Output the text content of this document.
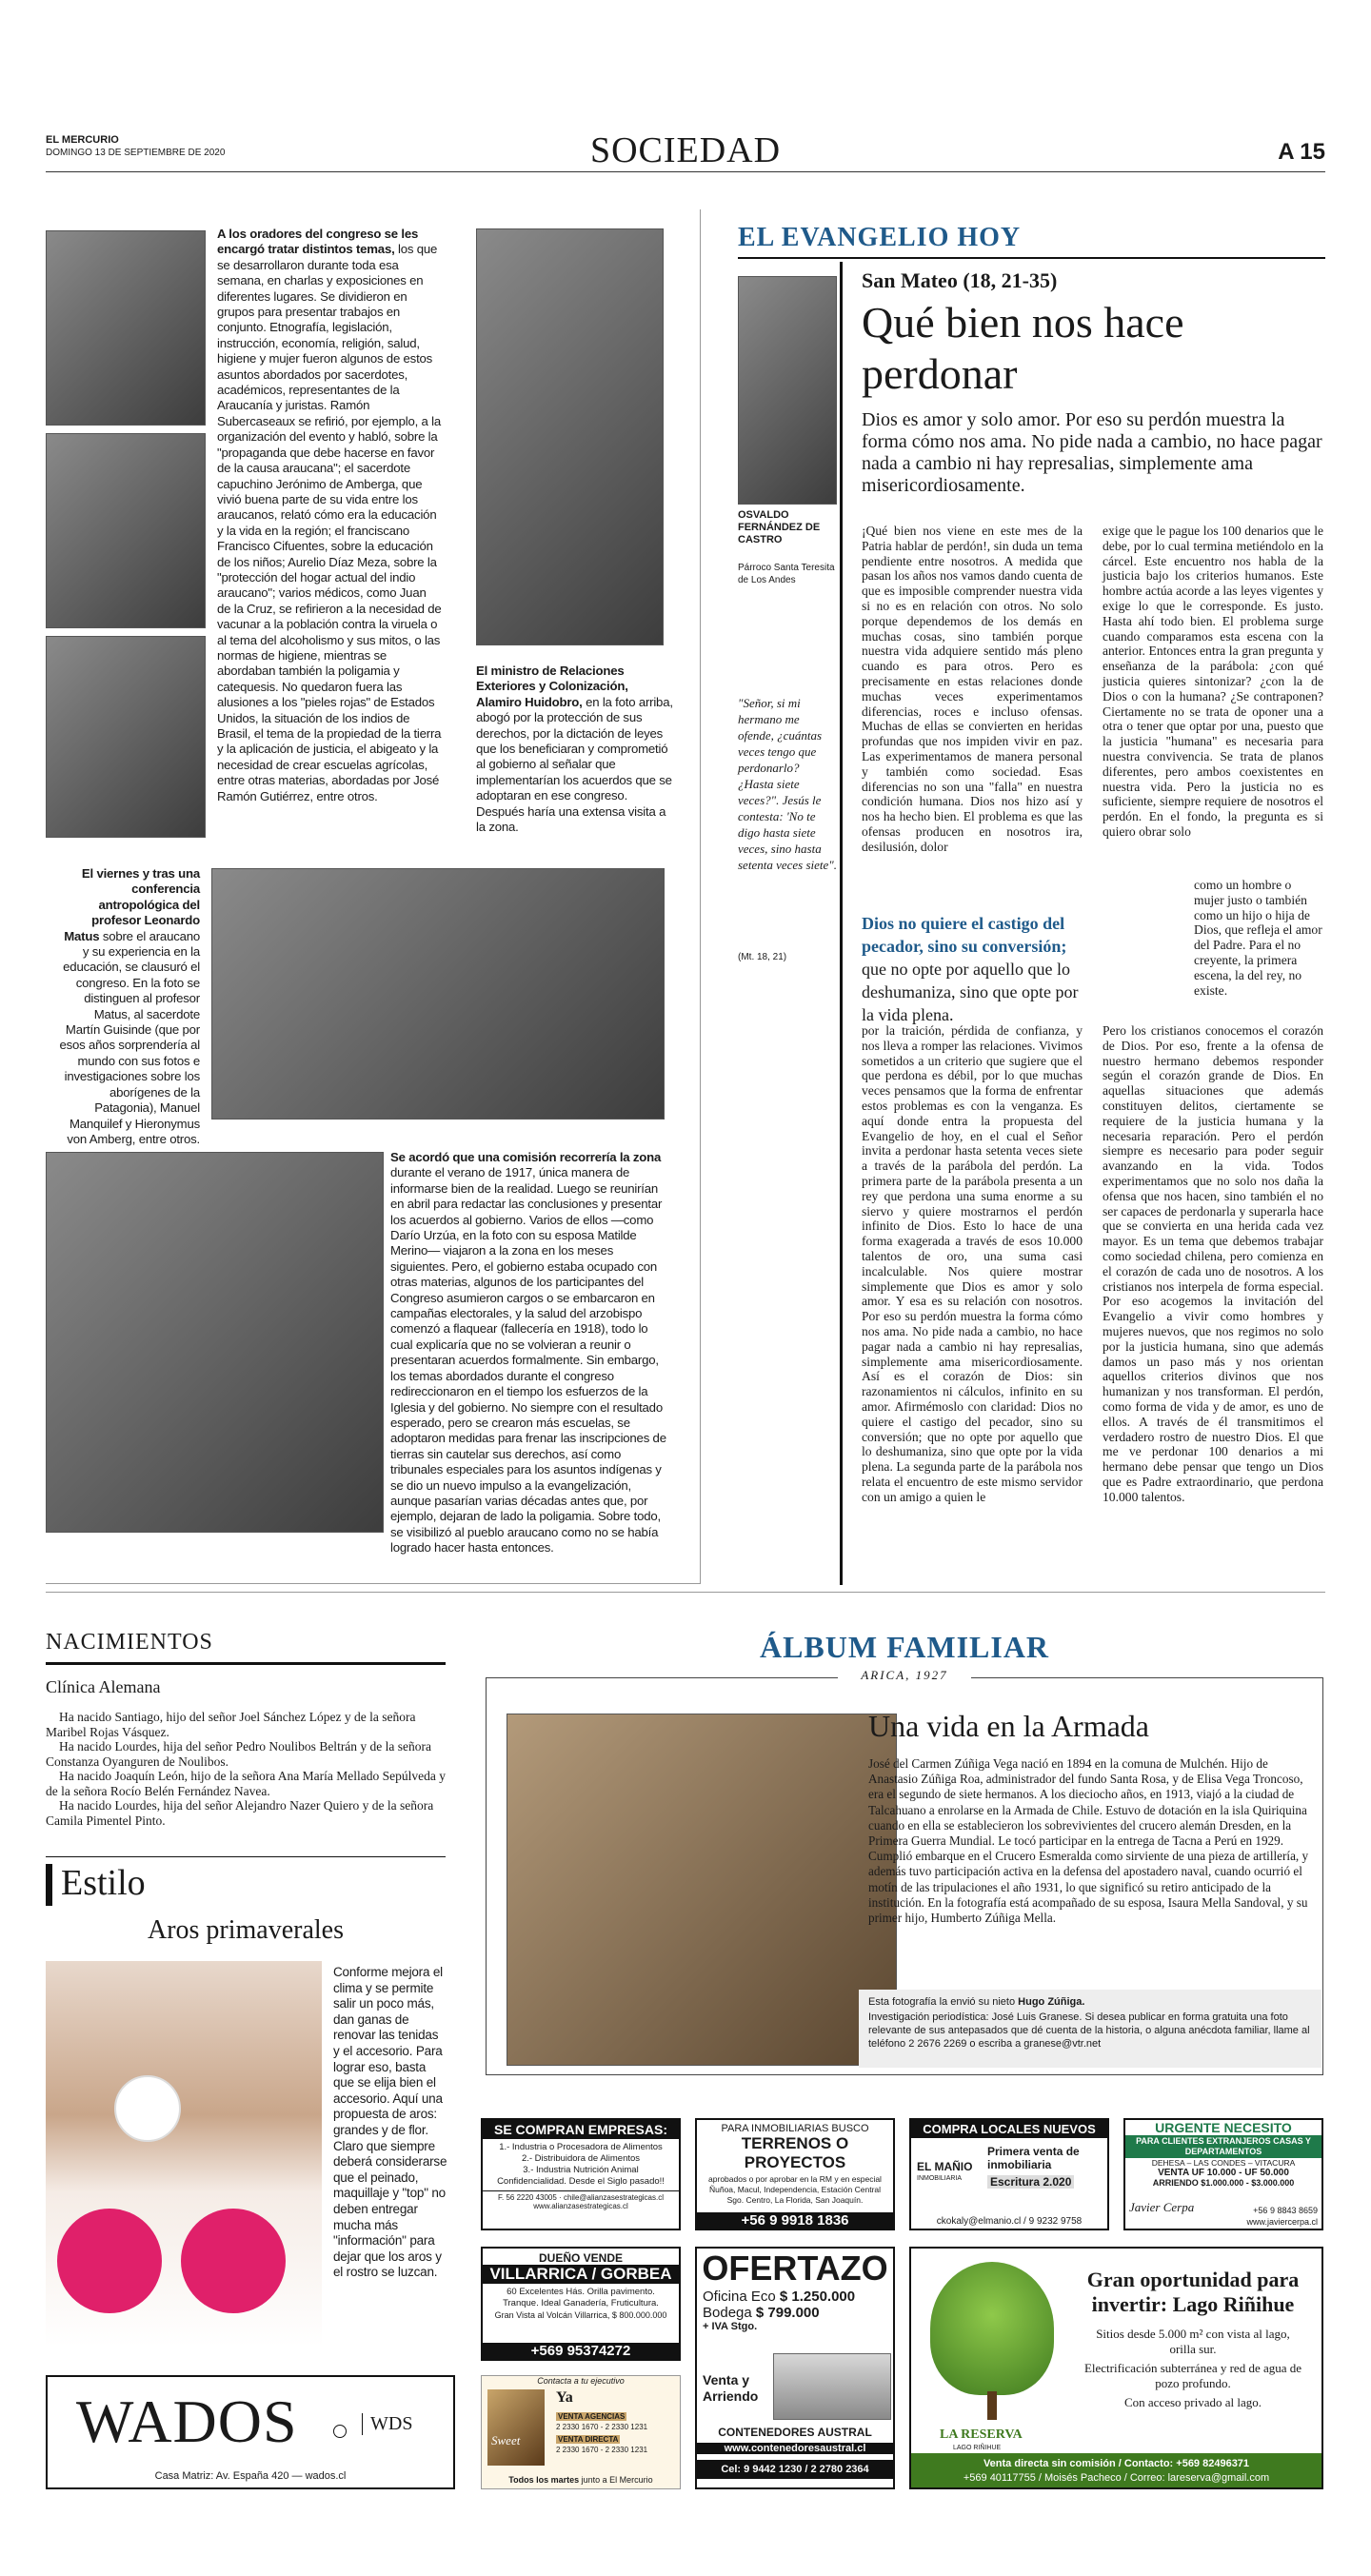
EL MERCURIO
DOMINGO 13 DE SEPTIEMBRE DE 2020	SOCIEDAD	A 15
A los oradores del congreso se les encargó tratar distintos temas, los que se desarrollaron durante toda esa semana, en charlas y exposiciones en diferentes lugares. Se dividieron en grupos para presentar trabajos en conjunto. Etnografía, legislación, instrucción, economía, religión, salud, higiene y mujer fueron algunos de estos asuntos abordados por sacerdotes, académicos, representantes de la Araucanía y juristas. Ramón Subercaseaux se refirió, por ejemplo, a la organización del evento y habló, sobre la "propaganda que debe hacerse en favor de la causa araucana"; el sacerdote capuchino Jerónimo de Amberga, que vivió buena parte de su vida entre los araucanos, relató cómo era la educación y la vida en la región; el franciscano Francisco Cifuentes, sobre la educación de los niños; Aurelio Díaz Meza, sobre la "protección del hogar actual del indio araucano"; varios médicos, como Juan de la Cruz, se refirieron a la necesidad de vacunar a la población contra la viruela o al tema del alcoholismo y sus mitos, o las normas de higiene, mientras se abordaban también la poligamia y catequesis. No quedaron fuera las alusiones a los "pieles rojas" de Estados Unidos, la situación de los indios de Brasil, el tema de la propiedad de la tierra y la aplicación de justicia, el abigeato y la necesidad de crear escuelas agrícolas, entre otras materias, abordadas por José Ramón Gutiérrez, entre otros.
El ministro de Relaciones Exteriores y Colonización, Alamiro Huidobro, en la foto arriba, abogó por la protección de sus derechos, por la dictación de leyes que los beneficiaran y comprometió al gobierno al señalar que implementarían los acuerdos que se adoptaran en ese congreso. Después haría una extensa visita a la zona.
El viernes y tras una conferencia antropológica del profesor Leonardo Matus sobre el araucano y su experiencia en la educación, se clausuró el congreso. En la foto se distinguen al profesor Matus, al sacerdote Martín Guisinde (que por esos años sorprendería al mundo con sus fotos e investigaciones sobre los aborígenes de la Patagonia), Manuel Manquilef y Hieronymus von Amberg, entre otros.
Se acordó que una comisión recorrería la zona durante el verano de 1917, única manera de informarse bien de la realidad. Luego se reunirían en abril para redactar las conclusiones y presentar los acuerdos al gobierno. Varios de ellos —como Darío Urzúa, en la foto con su esposa Matilde Merino— viajaron a la zona en los meses siguientes. Pero, el gobierno estaba ocupado con otras materias, algunos de los participantes del Congreso asumieron cargos o se embarcaron en campañas electorales, y la salud del arzobispo comenzó a flaquear (fallecería en 1918), todo lo cual explicaría que no se volvieran a reunir o presentaran acuerdos formalmente. Sin embargo, los temas abordados durante el congreso redireccionaron en el tiempo los esfuerzos de la Iglesia y del gobierno. No siempre con el resultado esperado, pero se crearon más escuelas, se adoptaron medidas para frenar las inscripciones de tierras sin cautelar sus derechos, así como tribunales especiales para los asuntos indígenas y se dio un nuevo impulso a la evangelización, aunque pasarían varias décadas antes que, por ejemplo, dejaran de lado la poligamia. Sobre todo, se visibilizó al pueblo araucano como no se había logrado hacer hasta entonces.
EL EVANGELIO HOY
OSVALDO FERNÁNDEZ DE CASTRO
Párroco Santa Teresita de Los Andes
"Señor, si mi hermano me ofende, ¿cuántas veces tengo que perdonarlo? ¿Hasta siete veces?". Jesús le contesta: 'No te digo hasta siete veces, sino hasta setenta veces siete".
(Mt. 18, 21)
San Mateo (18, 21-35)
Qué bien nos hace perdonar
Dios es amor y solo amor. Por eso su perdón muestra la forma cómo nos ama. No pide nada a cambio, no hace pagar nada a cambio ni hay represalias, simplemente ama misericordiosamente.
¡Qué bien nos viene en este mes de la Patria hablar de perdón!, sin duda un tema pendiente entre nosotros. A medida que pasan los años nos vamos dando cuenta de que es imposible comprender nuestra vida si no es en relación con otros. No solo porque dependemos de los demás en muchas cosas, sino también porque nuestra vida adquiere sentido más pleno cuando es para otros. Pero es precisamente en estas relaciones donde muchas veces experimentamos diferencias, roces e incluso ofensas. Muchas de ellas se convierten en heridas profundas que nos impiden vivir en paz. Las experimentamos de manera personal y también como sociedad. Esas diferencias no son una "falla" en nuestra condición humana. Dios nos hizo así y nos ha hecho bien. El problema es que las ofensas producen en nosotros ira, desilusión, dolor
Dios no quiere el castigo del pecador, sino su conversión; que no opte por aquello que lo deshumaniza, sino que opte por la vida plena.
por la traición, pérdida de confianza, y nos lleva a romper las relaciones. Vivimos sometidos a un criterio que sugiere que el que perdona es débil, por lo que muchas veces pensamos que la forma de enfrentar estos problemas es con la venganza. Es aquí donde entra la propuesta del Evangelio de hoy, en el cual el Señor invita a perdonar hasta setenta veces siete a través de la parábola del perdón. La primera parte de la parábola presenta a un rey que perdona una suma enorme a su siervo y quiere mostrarnos el perdón infinito de Dios. Esto lo hace de una forma exagerada a través de esos 10.000 talentos de oro, una suma casi incalculable. Nos quiere mostrar simplemente que Dios es amor y solo amor. Y esa es su relación con nosotros. Por eso su perdón muestra la forma cómo nos ama. No pide nada a cambio, no hace pagar nada a cambio ni hay represalias, simplemente ama misericordiosamente. Así es el corazón de Dios: sin razonamientos ni cálculos, infinito en su amor. Afirmémoslo con claridad: Dios no quiere el castigo del pecador, sino su conversión; que no opte por aquello que lo deshumaniza, sino que opte por la vida plena. La segunda parte de la parábola nos relata el encuentro de este mismo servidor con un amigo a quien le
exige que le pague los 100 denarios que le debe, por lo cual termina metiéndolo en la cárcel. Este encuentro nos habla de la justicia bajo los criterios humanos. Este hombre actúa acorde a las leyes vigentes y exige lo que le corresponde. Es justo. Hasta ahí todo bien. El problema surge cuando comparamos esta escena con la anterior. Entonces entra la gran pregunta y enseñanza de la parábola: ¿con qué justicia quieres sintonizar? ¿con la de Dios o con la humana? ¿Se contraponen? Ciertamente no se trata de oponer una a otra o tener que optar por una, puesto que la justicia "humana" es necesaria para nuestra convivencia. Se trata de planos diferentes, pero ambos coexistentes en nuestra vida. Pero la justicia no es suficiente, siempre requiere de nosotros el perdón. En el fondo, la pregunta es si quiero obrar solo
como un hombre o mujer justo o también como un hijo o hija de Dios, que refleja el amor del Padre. Para el no creyente, la primera escena, la del rey, no existe.
Pero los cristianos conocemos el corazón de Dios. Por eso, frente a la ofensa de nuestro hermano debemos responder según el corazón grande de Dios. En aquellas situaciones que además constituyen delitos, ciertamente se requiere de la justicia humana y la necesaria reparación. Pero el perdón siempre es necesario para poder seguir avanzando en la vida. Todos experimentamos que no solo nos daña la ofensa que nos hacen, sino también el no ser capaces de perdonarla y superarla hace que se convierta en una herida cada vez mayor. Es un tema que debemos trabajar como sociedad chilena, pero comienza en el corazón de cada uno de nosotros. A los cristianos nos interpela de forma especial. Por eso acogemos la invitación del Evangelio a vivir como hombres y mujeres nuevos, que nos regimos no solo por la justicia humana, sino que además damos un paso más y nos orientan aquellos criterios divinos que nos humanizan y nos transforman. El perdón, como forma de vida y de amor, es uno de ellos. A través de él transmitimos el verdadero rostro de nuestro Dios. El que me ve perdonar 100 denarios a mi hermano debe pensar que tengo un Dios que es Padre extraordinario, que perdona 10.000 talentos.
NACIMIENTOS
Clínica Alemana

Ha nacido Santiago, hijo del señor Joel Sánchez López y de la señora Maribel Rojas Vásquez.

Ha nacido Lourdes, hija del señor Pedro Noulibos Beltrán y de la señora Constanza Oyanguren de Noulibos.

Ha nacido Joaquín León, hijo de la señora Ana María Mellado Sepúlveda y de la señora Rocío Belén Fernández Navea.

Ha nacido Lourdes, hija del señor Alejandro Nazer Quiero y de la señora Camila Pimentel Pinto.

Estilo
Aros primaverales
Conforme mejora el clima y se permite salir un poco más, dan ganas de renovar las tenidas y el accesorio. Para lograr eso, basta que se elija bien el accesorio. Aquí una propuesta de aros: grandes y de flor. Claro que siempre deberá considerarse que el peinado, maquillaje y "top" no deben entregar mucha más "información" para dejar que los aros y el rostro se luzcan.
ÁLBUM FAMILIAR
ARICA, 1927
Una vida en la Armada
José del Carmen Zúñiga Vega nació en 1894 en la comuna de Mulchén. Hijo de Anastasio Zúñiga Roa, administrador del fundo Santa Rosa, y de Elisa Vega Troncoso, era el segundo de siete hermanos. A los dieciocho años, en 1913, viajó a la ciudad de Talcahuano a enrolarse en la Armada de Chile. Estuvo de dotación en la isla Quiriquina cuando en ella se establecieron los sobrevivientes del crucero alemán Dresden, en la Primera Guerra Mundial. Le tocó participar en la entrega de Tacna a Perú en 1929. Cumplió embarque en el Crucero Esmeralda como sirviente de una pieza de artillería, y además tuvo participación activa en la defensa del apostadero naval, cuando ocurrió el motín de las tripulaciones el año 1931, lo que significó su retiro anticipado de la institución. En la fotografía está acompañado de su esposa, Isaura Mella Sandoval, y su primer hijo, Humberto Zúñiga Mella.
Esta fotografía la envió su nieto Hugo Zúñiga.
Investigación periodística: José Luis Granese. Si desea publicar en forma gratuita una foto relevante de sus antepasados que dé cuenta de la historia, o alguna anécdota familiar, llame al teléfono 2 2676 2269 o escriba a granese@vtr.net
SE COMPRAN EMPRESAS:
1.- Industria o Procesadora de Alimentos
2.- Distribuidora de Alimentos
3.- Industria Nutrición Animal
Confidencialidad. Desde el Siglo pasado!!
F. 56 2220 43005 · chile@alianzasestrategicas.cl
www.alianzasestrategicas.cl
PARA INMOBILIARIAS BUSCO
TERRENOS O PROYECTOS
aprobados o por aprobar en la RM y en especial Ñuñoa, Macul, Independencia, Estación Central Sgo. Centro, La Florida, San Joaquín.
+56 9 9918 1836
COMPRA LOCALES NUEVOS
EL MAÑIO
INMOBILIARIA
Primera venta de inmobiliaria
Escritura 2.020
ckokaly@elmanio.cl / 9 9232 9758
URGENTE NECESITO
PARA CLIENTES EXTRANJEROS CASAS Y DEPARTAMENTOS
DEHESA – LAS CONDES – VITACURA
VENTA UF 10.000 - UF 50.000
ARRIENDO $1.000.000 - $3.000.000
Javier Cerpa	+56 9 8843 8659
www.javiercerpa.cl
DUEÑO VENDE
VILLARRICA / GORBEA
60 Excelentes Hás. Orilla pavimento.
Tranque. Ideal Ganadería, Fruticultura.
Gran Vista al Volcán Villarrica, $ 800.000.000
+569 95374272
OFERTAZO
Oficina Eco $ 1.250.000
Bodega $ 799.000
+ IVA Stgo.
Venta y Arriendo
CONTENEDORES AUSTRAL
www.contenedoresaustral.cl
Cel: 9 9442 1230 / 2 2780 2364
LA RESERVA
LAGO RIÑIHUE
Gran oportunidad para invertir: Lago Riñihue
Sitios desde 5.000 m² con vista al lago, orilla sur.
Electrificación subterránea y red de agua de pozo profundo.
Con acceso privado al lago.
Venta directa sin comisión / Contacto: +569 82496371
+569 40117755 / Moisés Pacheco / Correo: lareserva@gmail.com
Contacta a tu ejecutivo
Ya
Sweet
VENTA AGENCIAS
2 2330 1670 - 2 2330 1231
VENTA DIRECTA
2 2330 1670 - 2 2330 1231
Todos los martes junto a El Mercurio
WADOS	WDS
Casa Matriz: Av. España 420 — wados.cl
